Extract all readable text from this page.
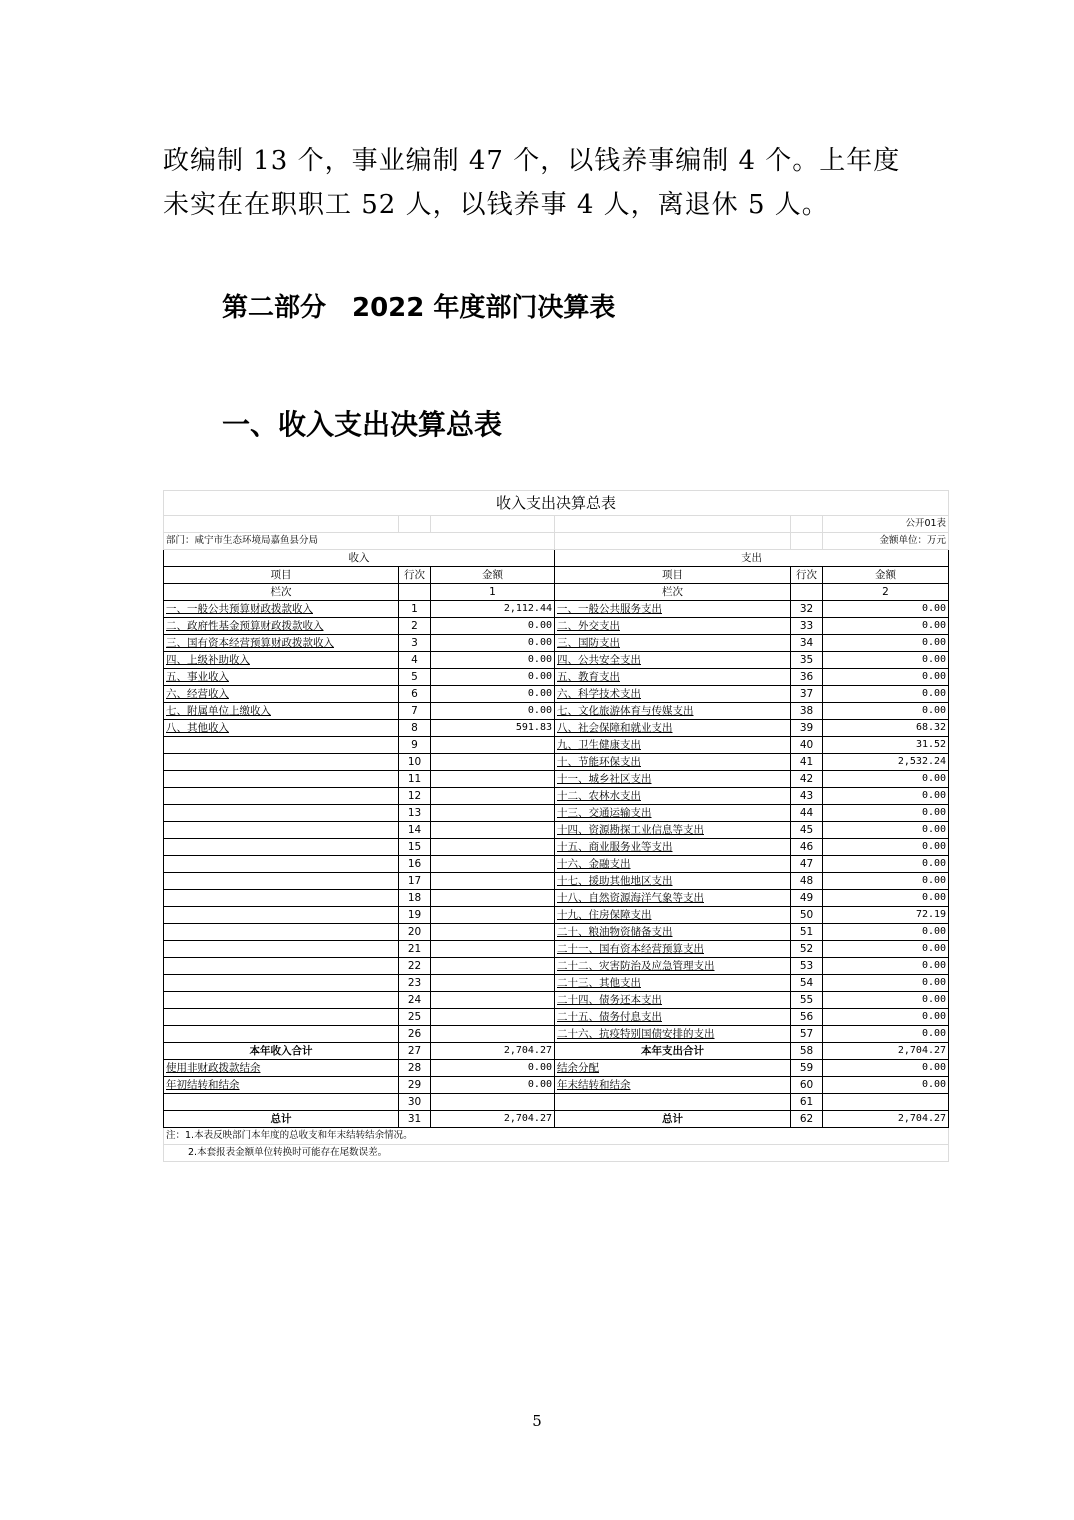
政编制 13 个，事业编制 47 个，以钱养事编制 4 个。上年度
未实在在职职工 52 人，以钱养事 4 人，离退休 5 人。
第二部分　2022 年度部门决算表
一、收入支出决算总表
收入支出决算总表					
					公开01表
部门：咸宁市生态环境局嘉鱼县分局					金额单位：万元
收入			支出		
项目	行次	金额	项目	行次	金额
栏次		1	栏次		2
一、一般公共预算财政拨款收入	1	2,112.44	一、一般公共服务支出	32	0.00
二、政府性基金预算财政拨款收入	2	0.00	二、外交支出	33	0.00
三、国有资本经营预算财政拨款收入	3	0.00	三、国防支出	34	0.00
四、上级补助收入	4	0.00	四、公共安全支出	35	0.00
五、事业收入	5	0.00	五、教育支出	36	0.00
六、经营收入	6	0.00	六、科学技术支出	37	0.00
七、附属单位上缴收入	7	0.00	七、文化旅游体育与传媒支出	38	0.00
八、其他收入	8	591.83	八、社会保障和就业支出	39	68.32
	9		九、卫生健康支出	40	31.52
	10		十、节能环保支出	41	2,532.24
	11		十一、城乡社区支出	42	0.00
	12		十二、农林水支出	43	0.00
	13		十三、交通运输支出	44	0.00
	14		十四、资源勘探工业信息等支出	45	0.00
	15		十五、商业服务业等支出	46	0.00
	16		十六、金融支出	47	0.00
	17		十七、援助其他地区支出	48	0.00
	18		十八、自然资源海洋气象等支出	49	0.00
	19		十九、住房保障支出	50	72.19
	20		二十、粮油物资储备支出	51	0.00
	21		二十一、国有资本经营预算支出	52	0.00
	22		二十二、灾害防治及应急管理支出	53	0.00
	23		二十三、其他支出	54	0.00
	24		二十四、债务还本支出	55	0.00
	25		二十五、债务付息支出	56	0.00
	26		二十六、抗疫特别国债安排的支出	57	0.00
本年收入合计	27	2,704.27	本年支出合计	58	2,704.27
使用非财政拨款结余	28	0.00	结余分配	59	0.00
年初结转和结余	29	0.00	年末结转和结余	60	0.00
	30			61	
总计	31	2,704.27	总计	62	2,704.27
注：1.本表反映部门本年度的总收支和年末结转结余情况。					
2.本套报表金额单位转换时可能存在尾数误差。					
5
